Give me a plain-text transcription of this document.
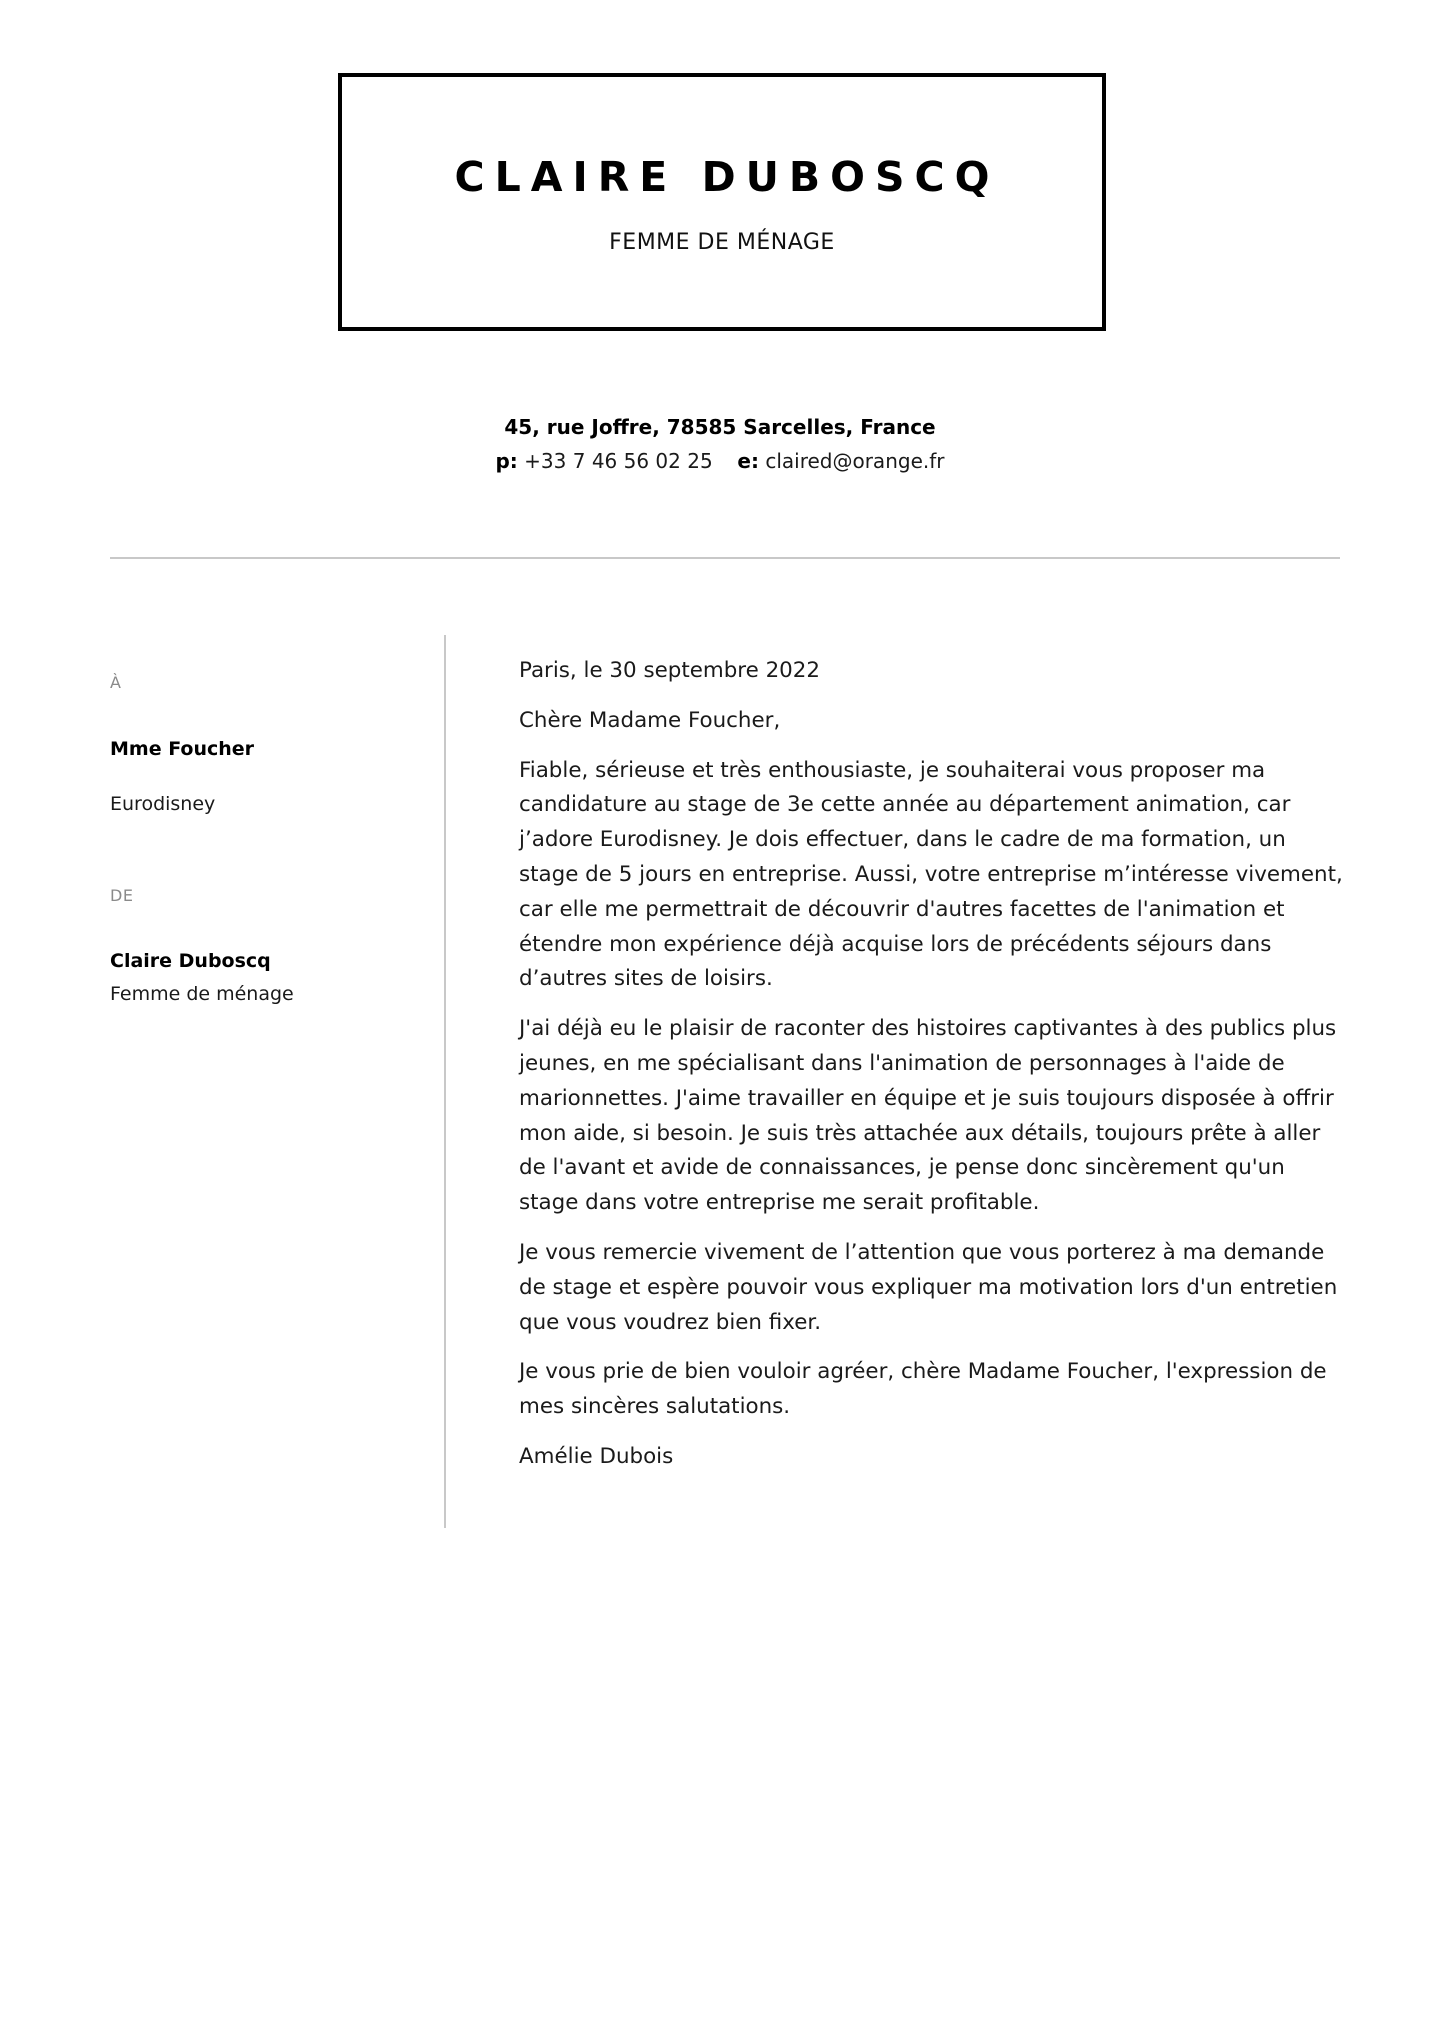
CLAIRE DUBOSCQ
FEMME DE MÉNAGE
45, rue Joffre, 78585 Sarcelles, France
p: +33 7 46 56 02 25 e: claired@orange.fr
À
Mme Foucher
Eurodisney
DE
Claire Duboscq
Femme de ménage

Paris, le 30 septembre 2022

Chère Madame Foucher,

Fiable, sérieuse et très enthousiaste, je souhaiterai vous proposer ma candidature au stage de 3e cette année au département animation, car j’adore Eurodisney. Je dois effectuer, dans le cadre de ma formation, un stage de 5 jours en entreprise. Aussi, votre entreprise m’intéresse vivement, car elle me permettrait de découvrir d'autres facettes de l'animation et étendre mon expérience déjà acquise lors de précédents séjours dans d’autres sites de loisirs.

J'ai déjà eu le plaisir de raconter des histoires captivantes à des publics plus jeunes, en me spécialisant dans l'animation de personnages à l'aide de marionnettes. J'aime travailler en équipe et je suis toujours disposée à offrir mon aide, si besoin. Je suis très attachée aux détails, toujours prête à aller de l'avant et avide de connaissances, je pense donc sincèrement qu'un stage dans votre entreprise me serait profitable.

Je vous remercie vivement de l’attention que vous porterez à ma demande de stage et espère pouvoir vous expliquer ma motivation lors d'un entretien que vous voudrez bien fixer.

Je vous prie de bien vouloir agréer, chère Madame Foucher, l'expression de mes sincères salutations.

Amélie Dubois
